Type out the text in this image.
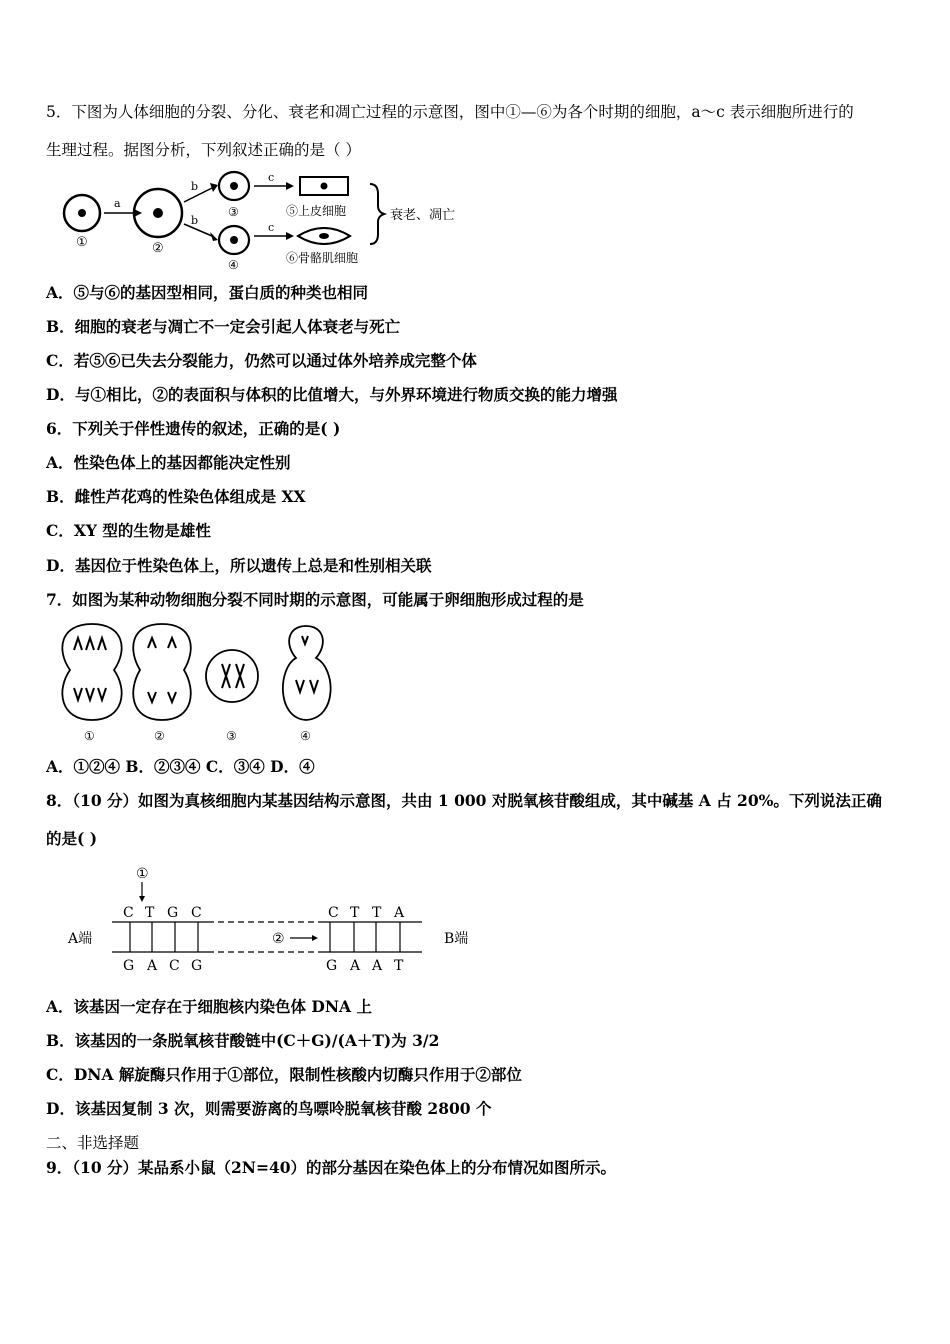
5．下图为人体细胞的分裂、分化、衰老和凋亡过程的示意图，图中①—⑥为各个时期的细胞，a～c 表示细胞所进行的
生理过程。据图分析，下列叙述正确的是（ ）
①
a
②
b
b
③
④
c
c
⑤上皮细胞
⑥骨骼肌细胞
衰老、凋亡
A．⑤与⑥的基因型相同，蛋白质的种类也相同
B．细胞的衰老与凋亡不一定会引起人体衰老与死亡
C．若⑤⑥已失去分裂能力，仍然可以通过体外培养成完整个体
D．与①相比，②的表面积与体积的比值增大，与外界环境进行物质交换的能力增强
6．下列关于伴性遗传的叙述，正确的是( )
A．性染色体上的基因都能决定性别
B．雌性芦花鸡的性染色体组成是 XX
C．XY 型的生物是雄性
D．基因位于性染色体上，所以遗传上总是和性别相关联
7．如图为某种动物细胞分裂不同时期的示意图，可能属于卵细胞形成过程的是
①	②	③	④
A．①②④ B．②③④ C．③④ D．④
8．（10 分）如图为真核细胞内某基因结构示意图，共由 1 000 对脱氧核苷酸组成，其中碱基 A 占 20%。下列说法正确
的是( )
①
C T G C	C T T A
②
A端	B端
G A C G	G A A T
A．该基因一定存在于细胞核内染色体 DNA 上
B．该基因的一条脱氧核苷酸链中(C＋G)/(A＋T)为 3/2
C．DNA 解旋酶只作用于①部位，限制性核酸内切酶只作用于②部位
D．该基因复制 3 次，则需要游离的鸟嘌呤脱氧核苷酸 2800 个
二、非选择题
9．（10 分）某品系小鼠（2N=40）的部分基因在染色体上的分布情况如图所示。
